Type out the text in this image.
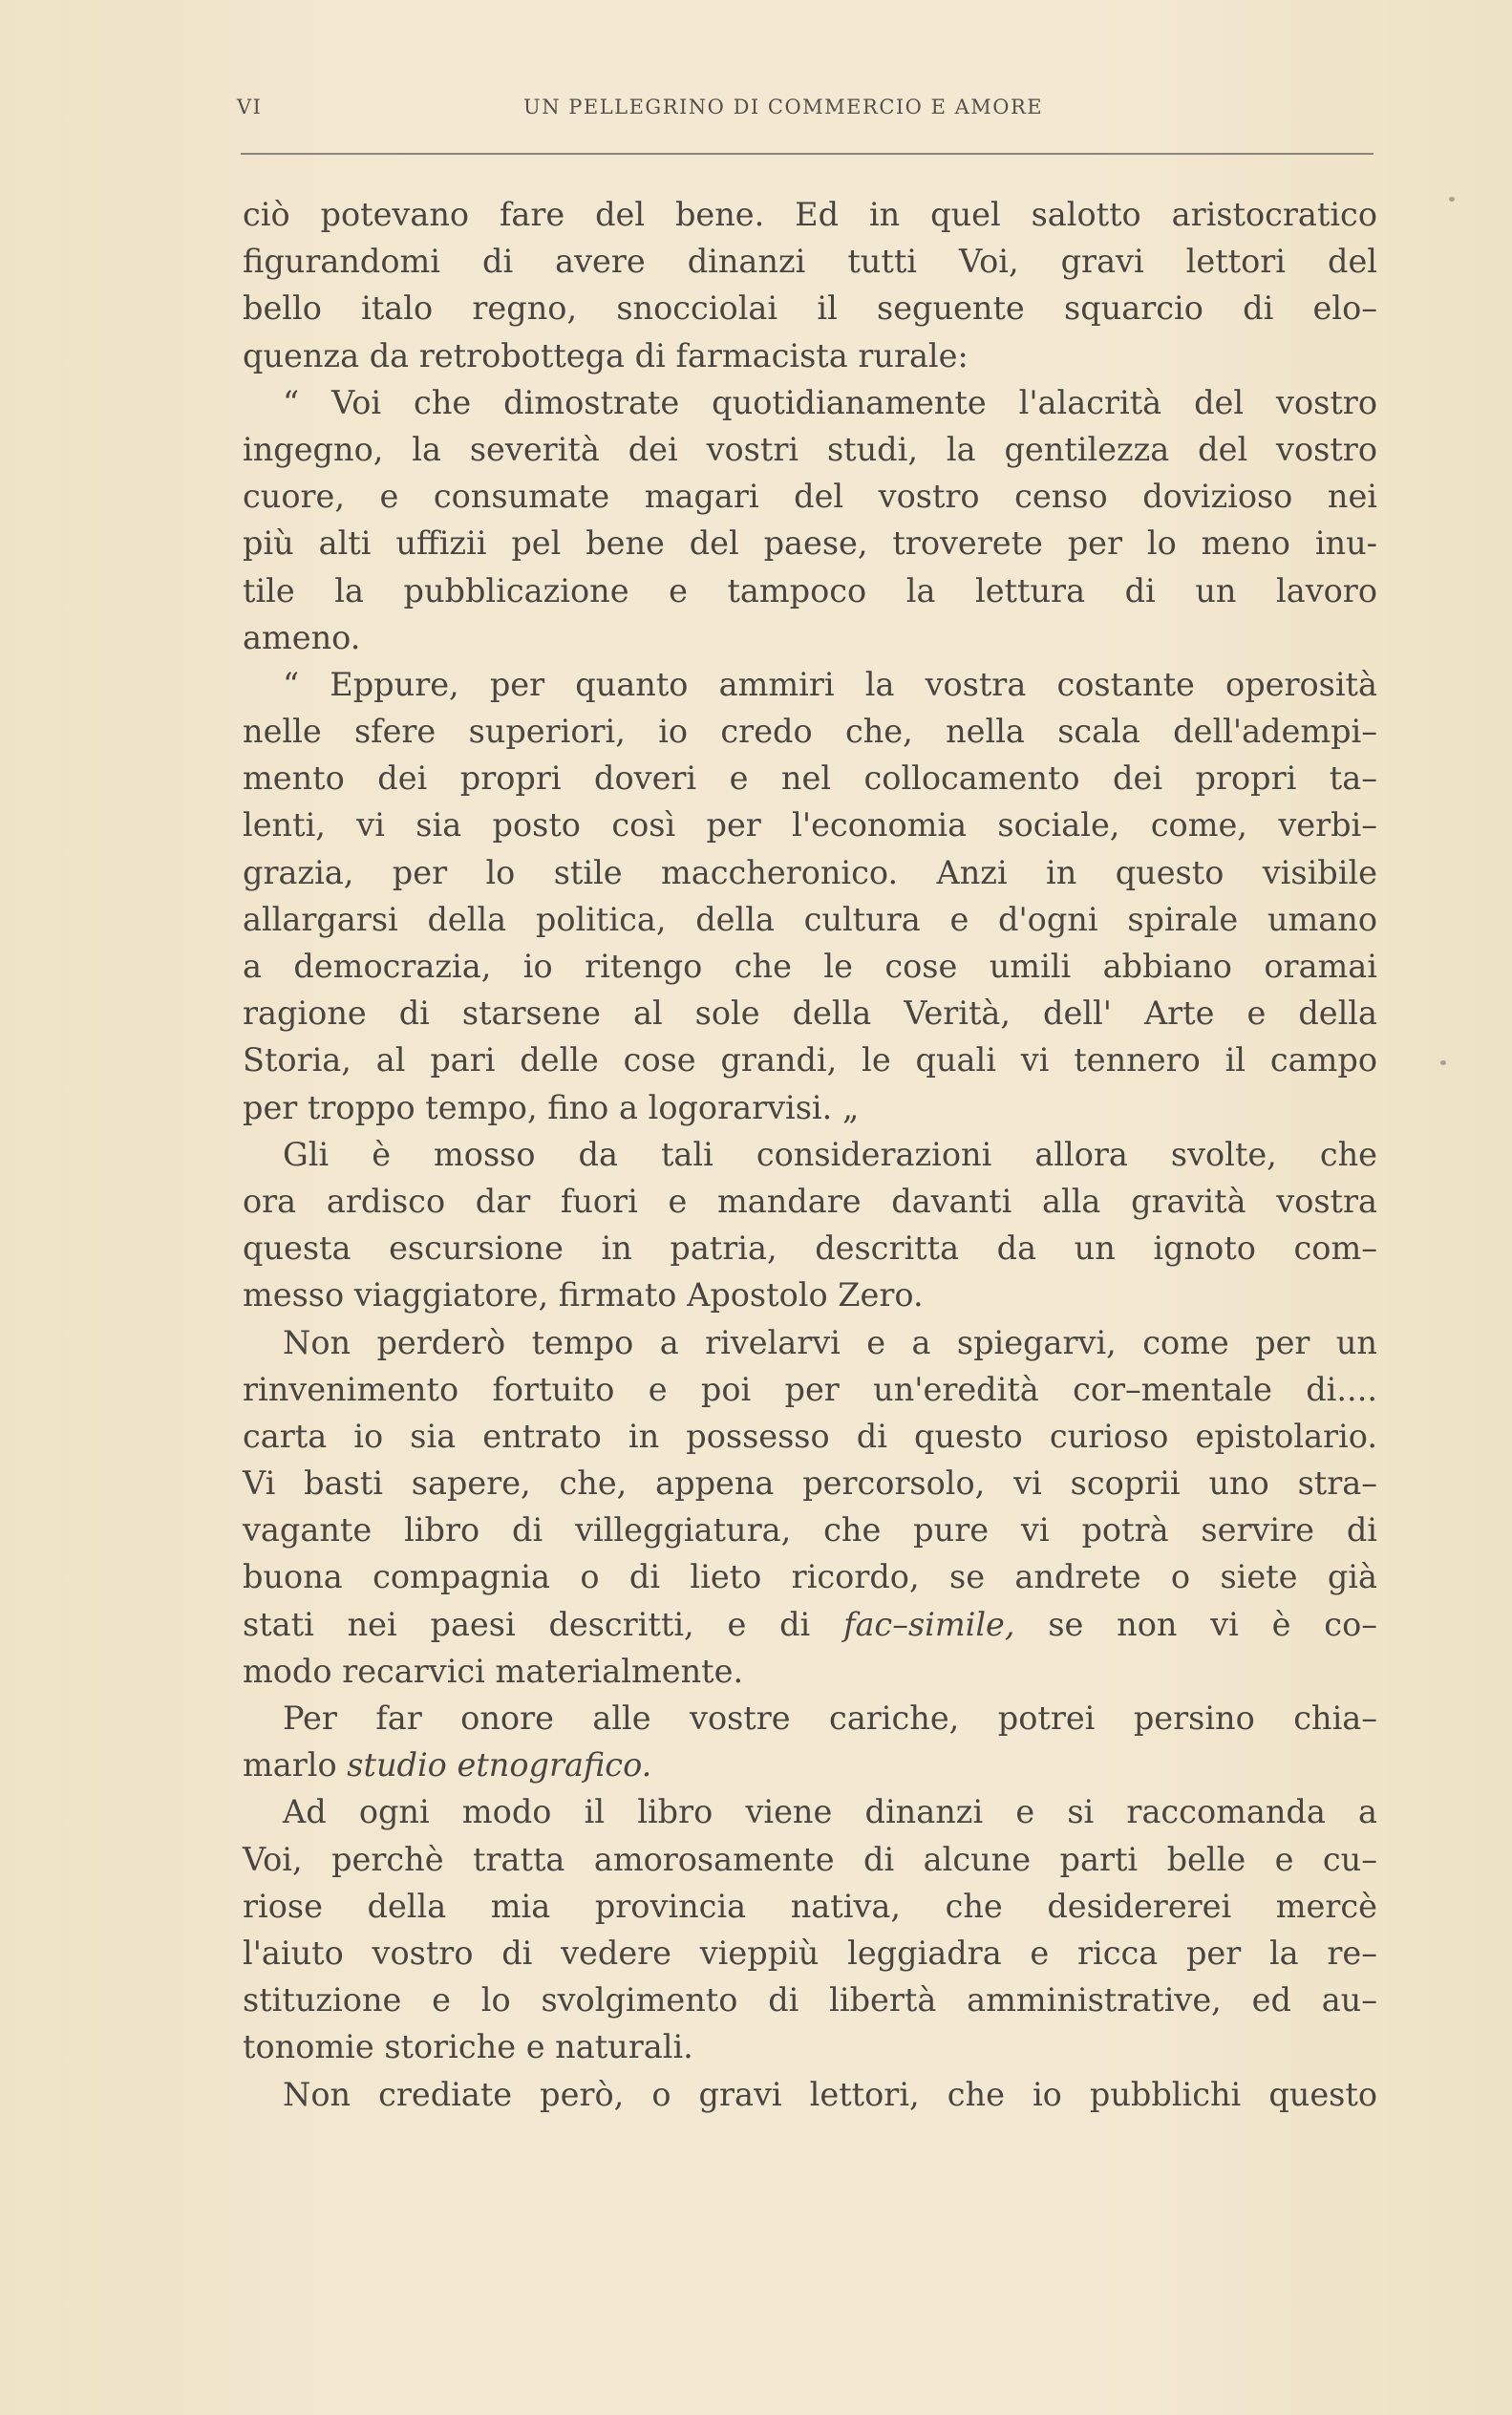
VI	UN PELLEGRINO DI COMMERCIO E AMORE
ciò potevano fare del bene. Ed in quel salotto aristocratico
figurandomi di avere dinanzi tutti Voi, gravi lettori del
bello italo regno, snocciolai il seguente squarcio di elo–
quenza da retrobottega di farmacista rurale:
“ Voi che dimostrate quotidianamente l'alacrità del vostro
ingegno, la severità dei vostri studi, la gentilezza del vostro
cuore, e consumate magari del vostro censo dovizioso nei
più alti uffizii pel bene del paese, troverete per lo meno inu-
tile la pubblicazione e tampoco la lettura di un lavoro
ameno.
“ Eppure, per quanto ammiri la vostra costante operosità
nelle sfere superiori, io credo che, nella scala dell'adempi–
mento dei propri doveri e nel collocamento dei propri ta–
lenti, vi sia posto così per l'economia sociale, come, verbi–
grazia, per lo stile maccheronico. Anzi in questo visibile
allargarsi della politica, della cultura e d'ogni spirale umano
a democrazia, io ritengo che le cose umili abbiano oramai
ragione di starsene al sole della Verità, dell' Arte e della
Storia, al pari delle cose grandi, le quali vi tennero il campo
per troppo tempo, fino a logorarvisi. „
Gli è mosso da tali considerazioni allora svolte, che
ora ardisco dar fuori e mandare davanti alla gravità vostra
questa escursione in patria, descritta da un ignoto com–
messo viaggiatore, firmato Apostolo Zero.
Non perderò tempo a rivelarvi e a spiegarvi, come per un
rinvenimento fortuito e poi per un'eredità cor–mentale di....
carta io sia entrato in possesso di questo curioso epistolario.
Vi basti sapere, che, appena percorsolo, vi scoprii uno stra–
vagante libro di villeggiatura, che pure vi potrà servire di
buona compagnia o di lieto ricordo, se andrete o siete già
stati nei paesi descritti, e di fac–simile, se non vi è co–
modo recarvici materialmente.
Per far onore alle vostre cariche, potrei persino chia–
marlo studio etnografico.
Ad ogni modo il libro viene dinanzi e si raccomanda a
Voi, perchè tratta amorosamente di alcune parti belle e cu–
riose della mia provincia nativa, che desidererei mercè
l'aiuto vostro di vedere vieppiù leggiadra e ricca per la re–
stituzione e lo svolgimento di libertà amministrative, ed au–
tonomie storiche e naturali.
Non crediate però, o gravi lettori, che io pubblichi questo
